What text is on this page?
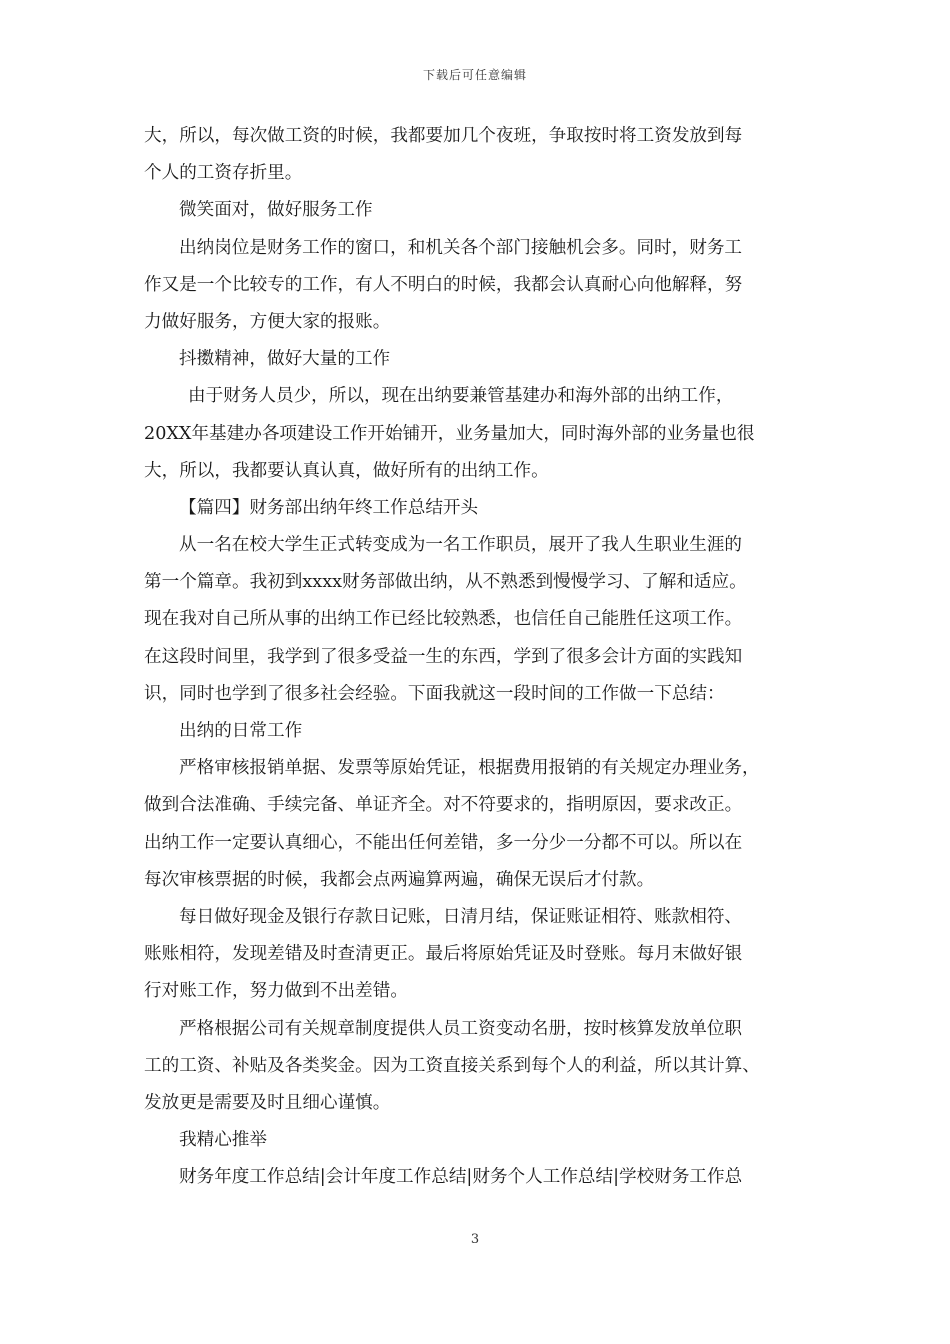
下载后可任意编辑
大，所以，每次做工资的时候，我都要加几个夜班，争取按时将工资发放到每
个人的工资存折里。
微笑面对，做好服务工作
出纳岗位是财务工作的窗口，和机关各个部门接触机会多。同时，财务工
作又是一个比较专的工作，有人不明白的时候，我都会认真耐心向他解释，努
力做好服务，方便大家的报账。
抖擞精神，做好大量的工作
由于财务人员少，所以，现在出纳要兼管基建办和海外部的出纳工作，
20XX年基建办各项建设工作开始铺开，业务量加大，同时海外部的业务量也很
大，所以，我都要认真认真，做好所有的出纳工作。
【篇四】财务部出纳年终工作总结开头
从一名在校大学生正式转变成为一名工作职员，展开了我人生职业生涯的
第一个篇章。我初到xxxx财务部做出纳，从不熟悉到慢慢学习、了解和适应。
现在我对自己所从事的出纳工作已经比较熟悉，也信任自己能胜任这项工作。
在这段时间里，我学到了很多受益一生的东西，学到了很多会计方面的实践知
识，同时也学到了很多社会经验。下面我就这一段时间的工作做一下总结：
出纳的日常工作
严格审核报销单据、发票等原始凭证，根据费用报销的有关规定办理业务，
做到合法准确、手续完备、单证齐全。对不符要求的，指明原因，要求改正。
出纳工作一定要认真细心，不能出任何差错，多一分少一分都不可以。所以在
每次审核票据的时候，我都会点两遍算两遍，确保无误后才付款。
每日做好现金及银行存款日记账，日清月结，保证账证相符、账款相符、
账账相符，发现差错及时查清更正。最后将原始凭证及时登账。每月末做好银
行对账工作，努力做到不出差错。
严格根据公司有关规章制度提供人员工资变动名册，按时核算发放单位职
工的工资、补贴及各类奖金。因为工资直接关系到每个人的利益，所以其计算、
发放更是需要及时且细心谨慎。
我精心推举
财务年度工作总结|会计年度工作总结|财务个人工作总结|学校财务工作总
3
